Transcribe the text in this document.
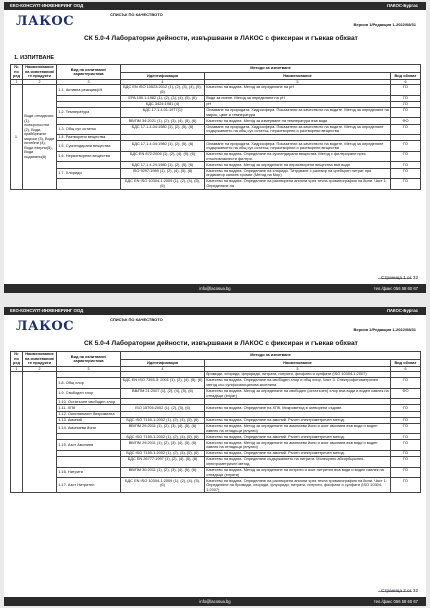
ЕКО-КОНСУЛТ-ИНЖЕНЕРИНГ ООД	ЛАКОС-Бургас
ЛАКОС	СПИСЪК ПО КАЧЕСТВОТО
Версия 1/Редакция 1-2022/08/31
СК 5.0-4 Лабораторни дейности, извършвани в ЛАКОС с фиксиран и гъвкав обхват
1. ИЗПИТВАНЕ
№ по ред	Наименование на изпитвания/те продукти	Вид на изпитване/ характеристика	Методи за изпитване		
			Идентификация	Наименование	Вид обхват
1	2	3	4	5	6
1.	Води отпадъчни (1), повърхностни (2), Води, крайбрежни морски (3), Води питейни (4), Води езерни(5), Води подземни(6)	1.1. Активна реакция/рН	БДС EN ISO 10523:2012 (1), (2), (3), (4), (5), (6)	Качество на водата. Метод за определяне на рН	ГО
			EPA 150.1:1982 (1), (2), (3), (4), (5), (6)	Води за пиене. Метод за определяне на рН	ГО
			БДС 3424:1981 (4)	pH	ГО
		1.2. Температура	БДС 17.1.4.01:1977(1)	Опазване на природата. Хидросфера. Показатели за качеството на водите. Метод за определяне на мирис, цвят и температура	ГО
			ВВ/ПМ 34:2021 (1), (2), (3), (4), (5), (6)	Качество на водата. Метод за измерване на температура във води	ФО
		1.3. Общ сух остатък	БДС 17.1.4.04:1980 (1), (2), (5), (6)	Опазване на природата. Хидросфера. Показатели за качеството на водите. Метод за определяне съдържанието на общ сух остатък, неразтворени и разтворени вещества	ГО
		1.4. Разтворени вещества			
		1.5. Суспендирани вещества	БДС 17.1.4.04:1980 (1), (2), (5), (6)	Опазване на природата. Хидросфера. Показатели за качеството на водите. Метод за определяне съдържанието на общ сух остатък, неразтворени и разтворени вещества	ГО
		1.6. Неразтворени вещества	БДС EN 872:2006 (1), (2), (4), (5), (6)	Качество на водата. Определяне на суспендирани вещества. Метод с филтриране през стъкловлакнести филтри.	ГО
			БДС 17.1.4.24:1980 (1), (2), (5), (6)	Качество на водата. Метод за определяне на неразтворени вещества във води	ГО
		1.7. Хлориди	ISO 9297:1989 (1), (2), (4), (5), (6)	Качество на водата. Определяне на хлориди. Титруване с разтвор на сребърен нитрат при индикатор калиев хромат (Метод на Мор)	ГО
			БДС EN ISO 10304-1:2009 (1), (2), (4), (5), (6)	Качество на водата. Определяне на разтворени аниони чрез течна хроматография на йони. Част 1: Определяне на	ГО
Страница 1 от 32
info@lacosua.bg	тел./факс 056 58 60 67
ЕКО-КОНСУЛТ-ИНЖЕНЕРИНГ ООД	ЛАКОС-Бургас
ЛАКОС	СПИСЪК ПО КАЧЕСТВОТО
Версия 1/Редакция 1-2022/08/31
СК 5.0-4 Лабораторни дейности, извършвани в ЛАКОС с фиксиран и гъвкав обхват
№ по ред	Наименование на изпитвания/те продукти	Вид на изпитване/ характеристика	Методи за изпитване		
			Идентификация	Наименование	Вид обхват
1	2	3	4	5	6
				бромиди, хлориди, флуориди, нитрати, нитрити, фосфати и сулфати (ISO 10304-1:2007)	
		1.8. Общ хлор	БДС EN ISO 7393-3: 2001 (1), (2), (4), (5), (6)	Качество на водата. Определяне на свободен хлор и общ хлор. Част 3. Спектрофотометричен метод със сулфосалицилова киселина	ГО
		1.9. Свободен хлор	ВВ/ПМ 21:2007 (1), (2), (4), (5), (6)	Качество на водата. Метод за определяне на свободен (остатъчен) хлор във води и воден извлек на отпадъци (елуат)	ФО
		1.10. Остатъчен свободен хлор			
		1.11. ХПК	ISO 15705:2002 (1), (2), (5), (6)	Качество на водата. Определяне на ХПК. Микрометод в затворени съдове.	ГО
		1.12. Окисляемост бихроматна			
		1.13. Амоний	БДС ISO 7150-1:2002 (1), (2), (4), (5), (6)	Качество на водата. Определяне на амоний. Ръчен спектрометричен метод.	ГО
		1.14. Амониеви йони	ВВ/ПМ 29:2011 (1), (2), (3), (4), (5), (6)	Качество на водата. Метод за определяне на амониеви йони и азот амониев във води и воден извлек на отпадъци (елуати)	ГО
			БДС ISO 7150-1:2002 (1), (2), (4), (5), (6)	Качество на водата. Определяне на амоний. Ръчен спектрометричен метод.	ГО
		1.15. Азот Амониев	ВВ/ПМ 29:2011 (1), (2), (3), (4), (5), (6)	Качество на водата. Метод за определяне на амониеви йони и азот амониев във води и воден извлек на отпадъци (елуати)	ГО
			БДС ISO 7150-1:2002 (1), (2), (4), (5), (6)	Качество на водата. Определяне на амоний. Ръчен спектрометричен метод.	ГО
			БДС EN 26777:1997 (1), (2), (4), (5), (6)	Качество на водата. Определяне съдържанието на нитрити. Молекулно абсорбционен-спектрометричен метод.	ГО
		1.16. Нитрити	ВВ/ПМ 30:2011 (1), (2), (3), (4), (5), (6)	Качество на водата. Метод за определяне на нитрити и азот нитритен във води и воден извлек на отпадъци (елуати)	ГО
		1.17. Азот Нитритен	БДС EN ISO 10304-1:2009 (1), (2), (4), (5), (6)	Качество на водата. Определяне на разтворени аниони чрез течна хроматография на йони. Част 1: Определяне на бромиди, хлориди, флуориди, нитрати, нитрити, фосфати и сулфати (ISO 10304-1:2007)	ГО
Страница 2 от 32
info@lacosua.bg	тел./факс 056 58 60 67
